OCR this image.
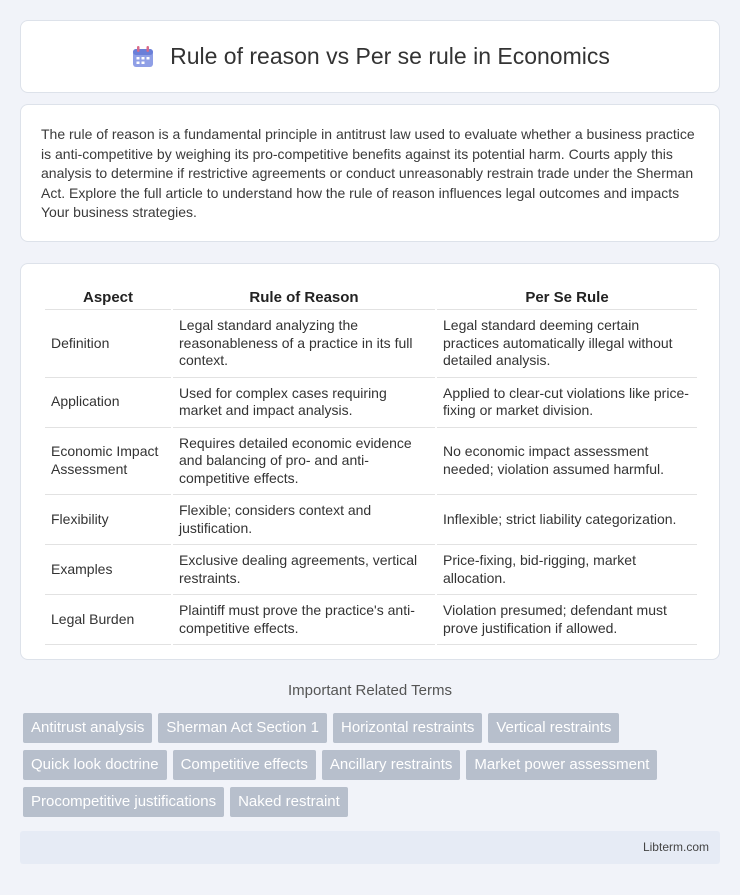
Rule of reason vs Per se rule in Economics

The rule of reason is a fundamental principle in antitrust law used to evaluate whether a business practice is anti-competitive by weighing its pro-competitive benefits against its potential harm. Courts apply this analysis to determine if restrictive agreements or conduct unreasonably restrain trade under the Sherman Act. Explore the full article to understand how the rule of reason influences legal outcomes and impacts Your business strategies.

Aspect	Rule of Reason	Per Se Rule
Definition	Legal standard analyzing the reasonableness of a practice in its full context.	Legal standard deeming certain practices automatically illegal without detailed analysis.
Application	Used for complex cases requiring market and impact analysis.	Applied to clear-cut violations like price-fixing or market division.
Economic Impact Assessment	Requires detailed economic evidence and balancing of pro- and anti-competitive effects.	No economic impact assessment needed; violation assumed harmful.
Flexibility	Flexible; considers context and justification.	Inflexible; strict liability categorization.
Examples	Exclusive dealing agreements, vertical restraints.	Price-fixing, bid-rigging, market allocation.
Legal Burden	Plaintiff must prove the practice's anti-competitive effects.	Violation presumed; defendant must prove justification if allowed.
Important Related Terms
Antitrust analysis	Sherman Act Section 1	Horizontal restraints	Vertical restraints
Quick look doctrine	Competitive effects	Ancillary restraints	Market power assessment
Procompetitive justifications	Naked restraint
Libterm.com
